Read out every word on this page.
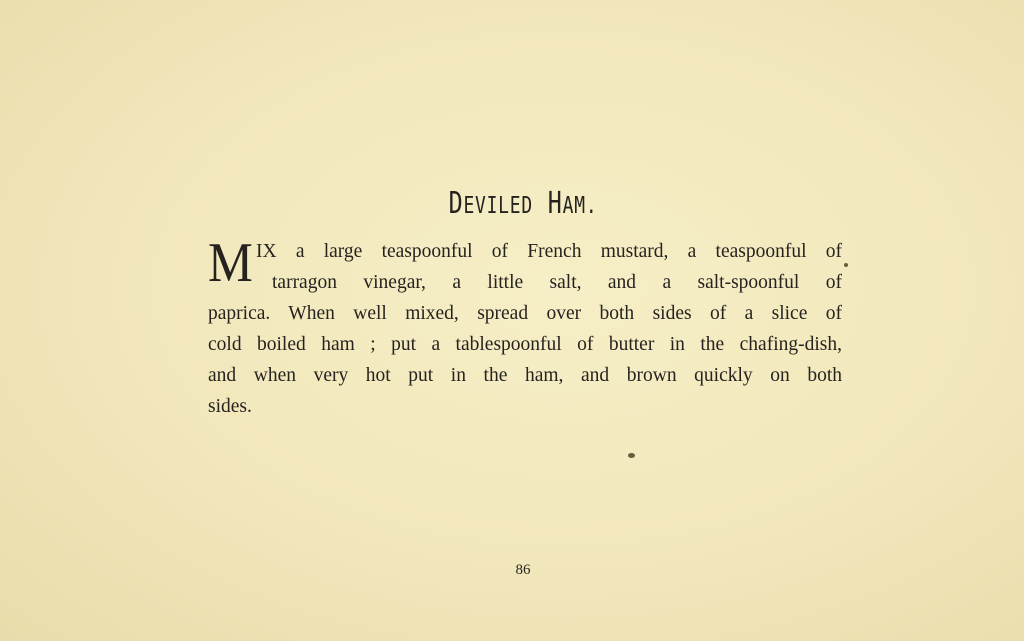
DEVILED HAM.
M IX a large teaspoonful of French mustard, a teaspoonful of
tarragon vinegar, a little salt, and a salt-spoonful of
paprica. When well mixed, spread over both sides of a slice of
cold boiled ham ; put a tablespoonful of butter in the chafing-dish,
and when very hot put in the ham, and brown quickly on both
sides.
86
